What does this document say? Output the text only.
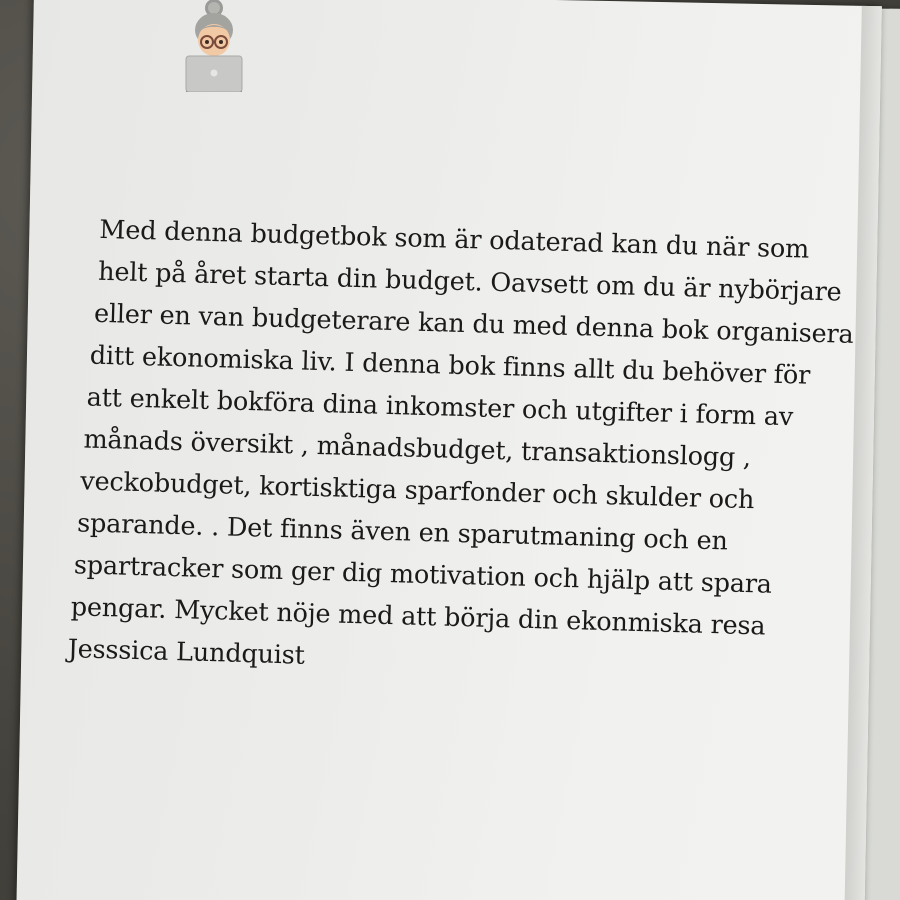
Med denna budgetbok som är odaterad kan du när som
helt på året starta din budget. Oavsett om du är nybörjare
eller en van budgeterare kan du med denna bok organisera
ditt ekonomiska liv. I denna bok finns allt du behöver för
att enkelt bokföra dina inkomster och utgifter i form av
månads översikt , månadsbudget, transaktionslogg ,
veckobudget, kortisktiga sparfonder och skulder och
sparande. . Det finns även en sparutmaning och en
spartracker som ger dig motivation och hjälp att spara
pengar. Mycket nöje med att börja din ekonmiska resa
Jesssica Lundquist
